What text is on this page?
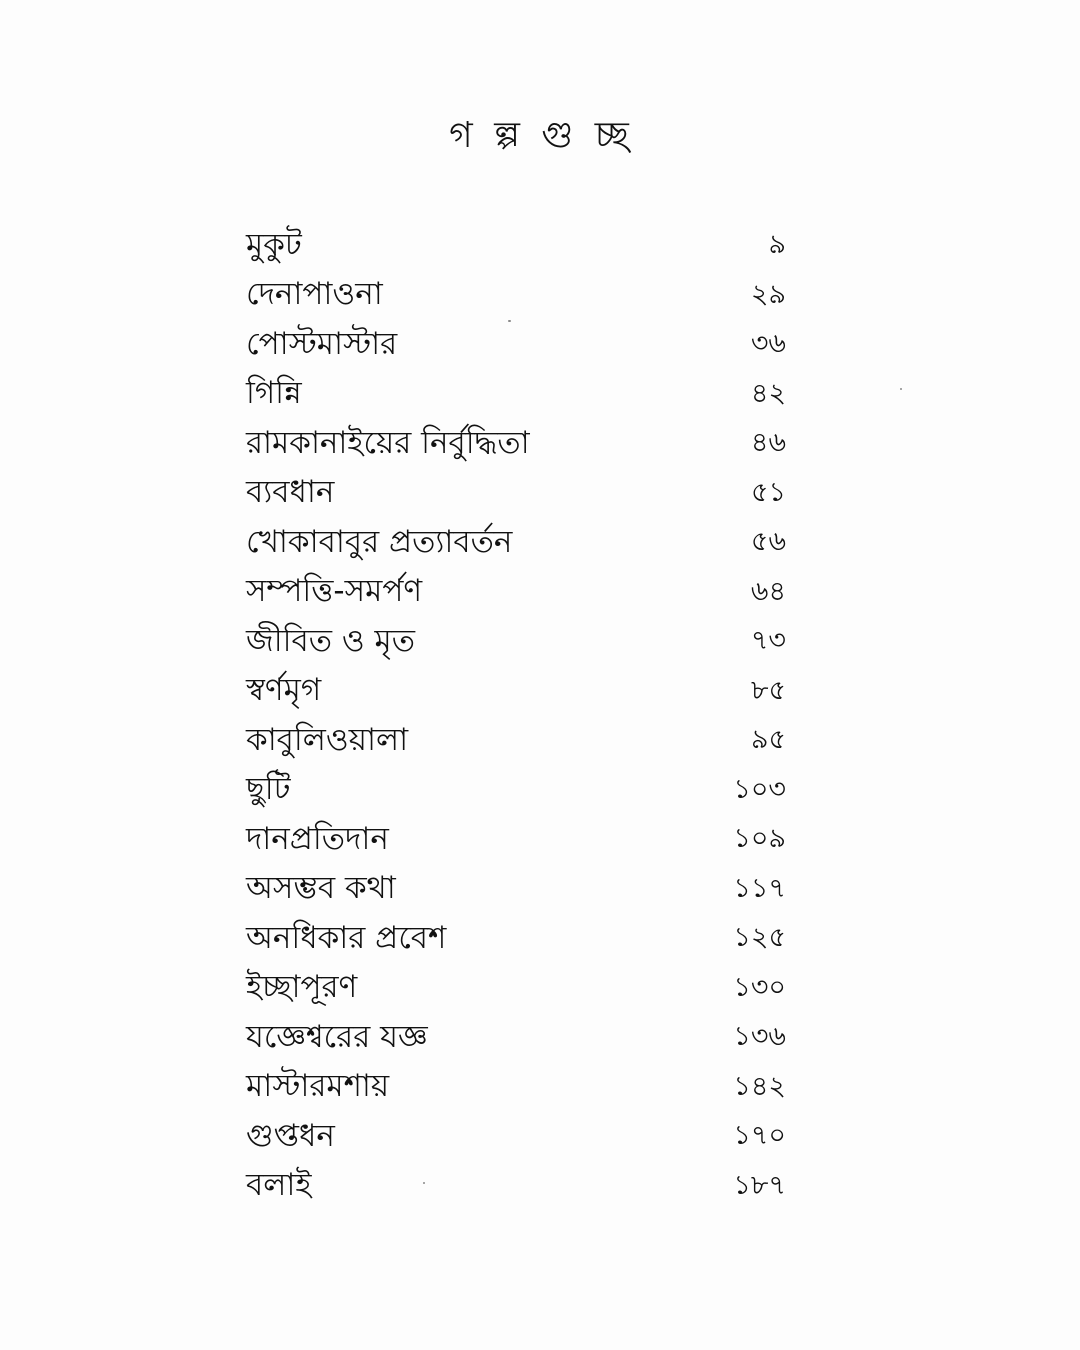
গ ল্প গু চ্ছ
মুকুট	৯
দেনাপাওনা	২৯
পোস্টমাস্টার	৩৬
গিন্নি	৪২
রামকানাইয়ের নির্বুদ্ধিতা	৪৬
ব্যবধান	৫১
খোকাবাবুর প্রত্যাবর্তন	৫৬
সম্পত্তি-সমর্পণ	৬৪
জীবিত ও মৃত	৭৩
স্বর্ণমৃগ	৮৫
কাবুলিওয়ালা	৯৫
ছুটি	১০৩
দানপ্রতিদান	১০৯
অসম্ভব কথা	১১৭
অনধিকার প্রবেশ	১২৫
ইচ্ছাপূরণ	১৩০
যজ্ঞেশ্বরের যজ্ঞ	১৩৬
মাস্টারমশায়	১৪২
গুপ্তধন	১৭০
বলাই	১৮৭
